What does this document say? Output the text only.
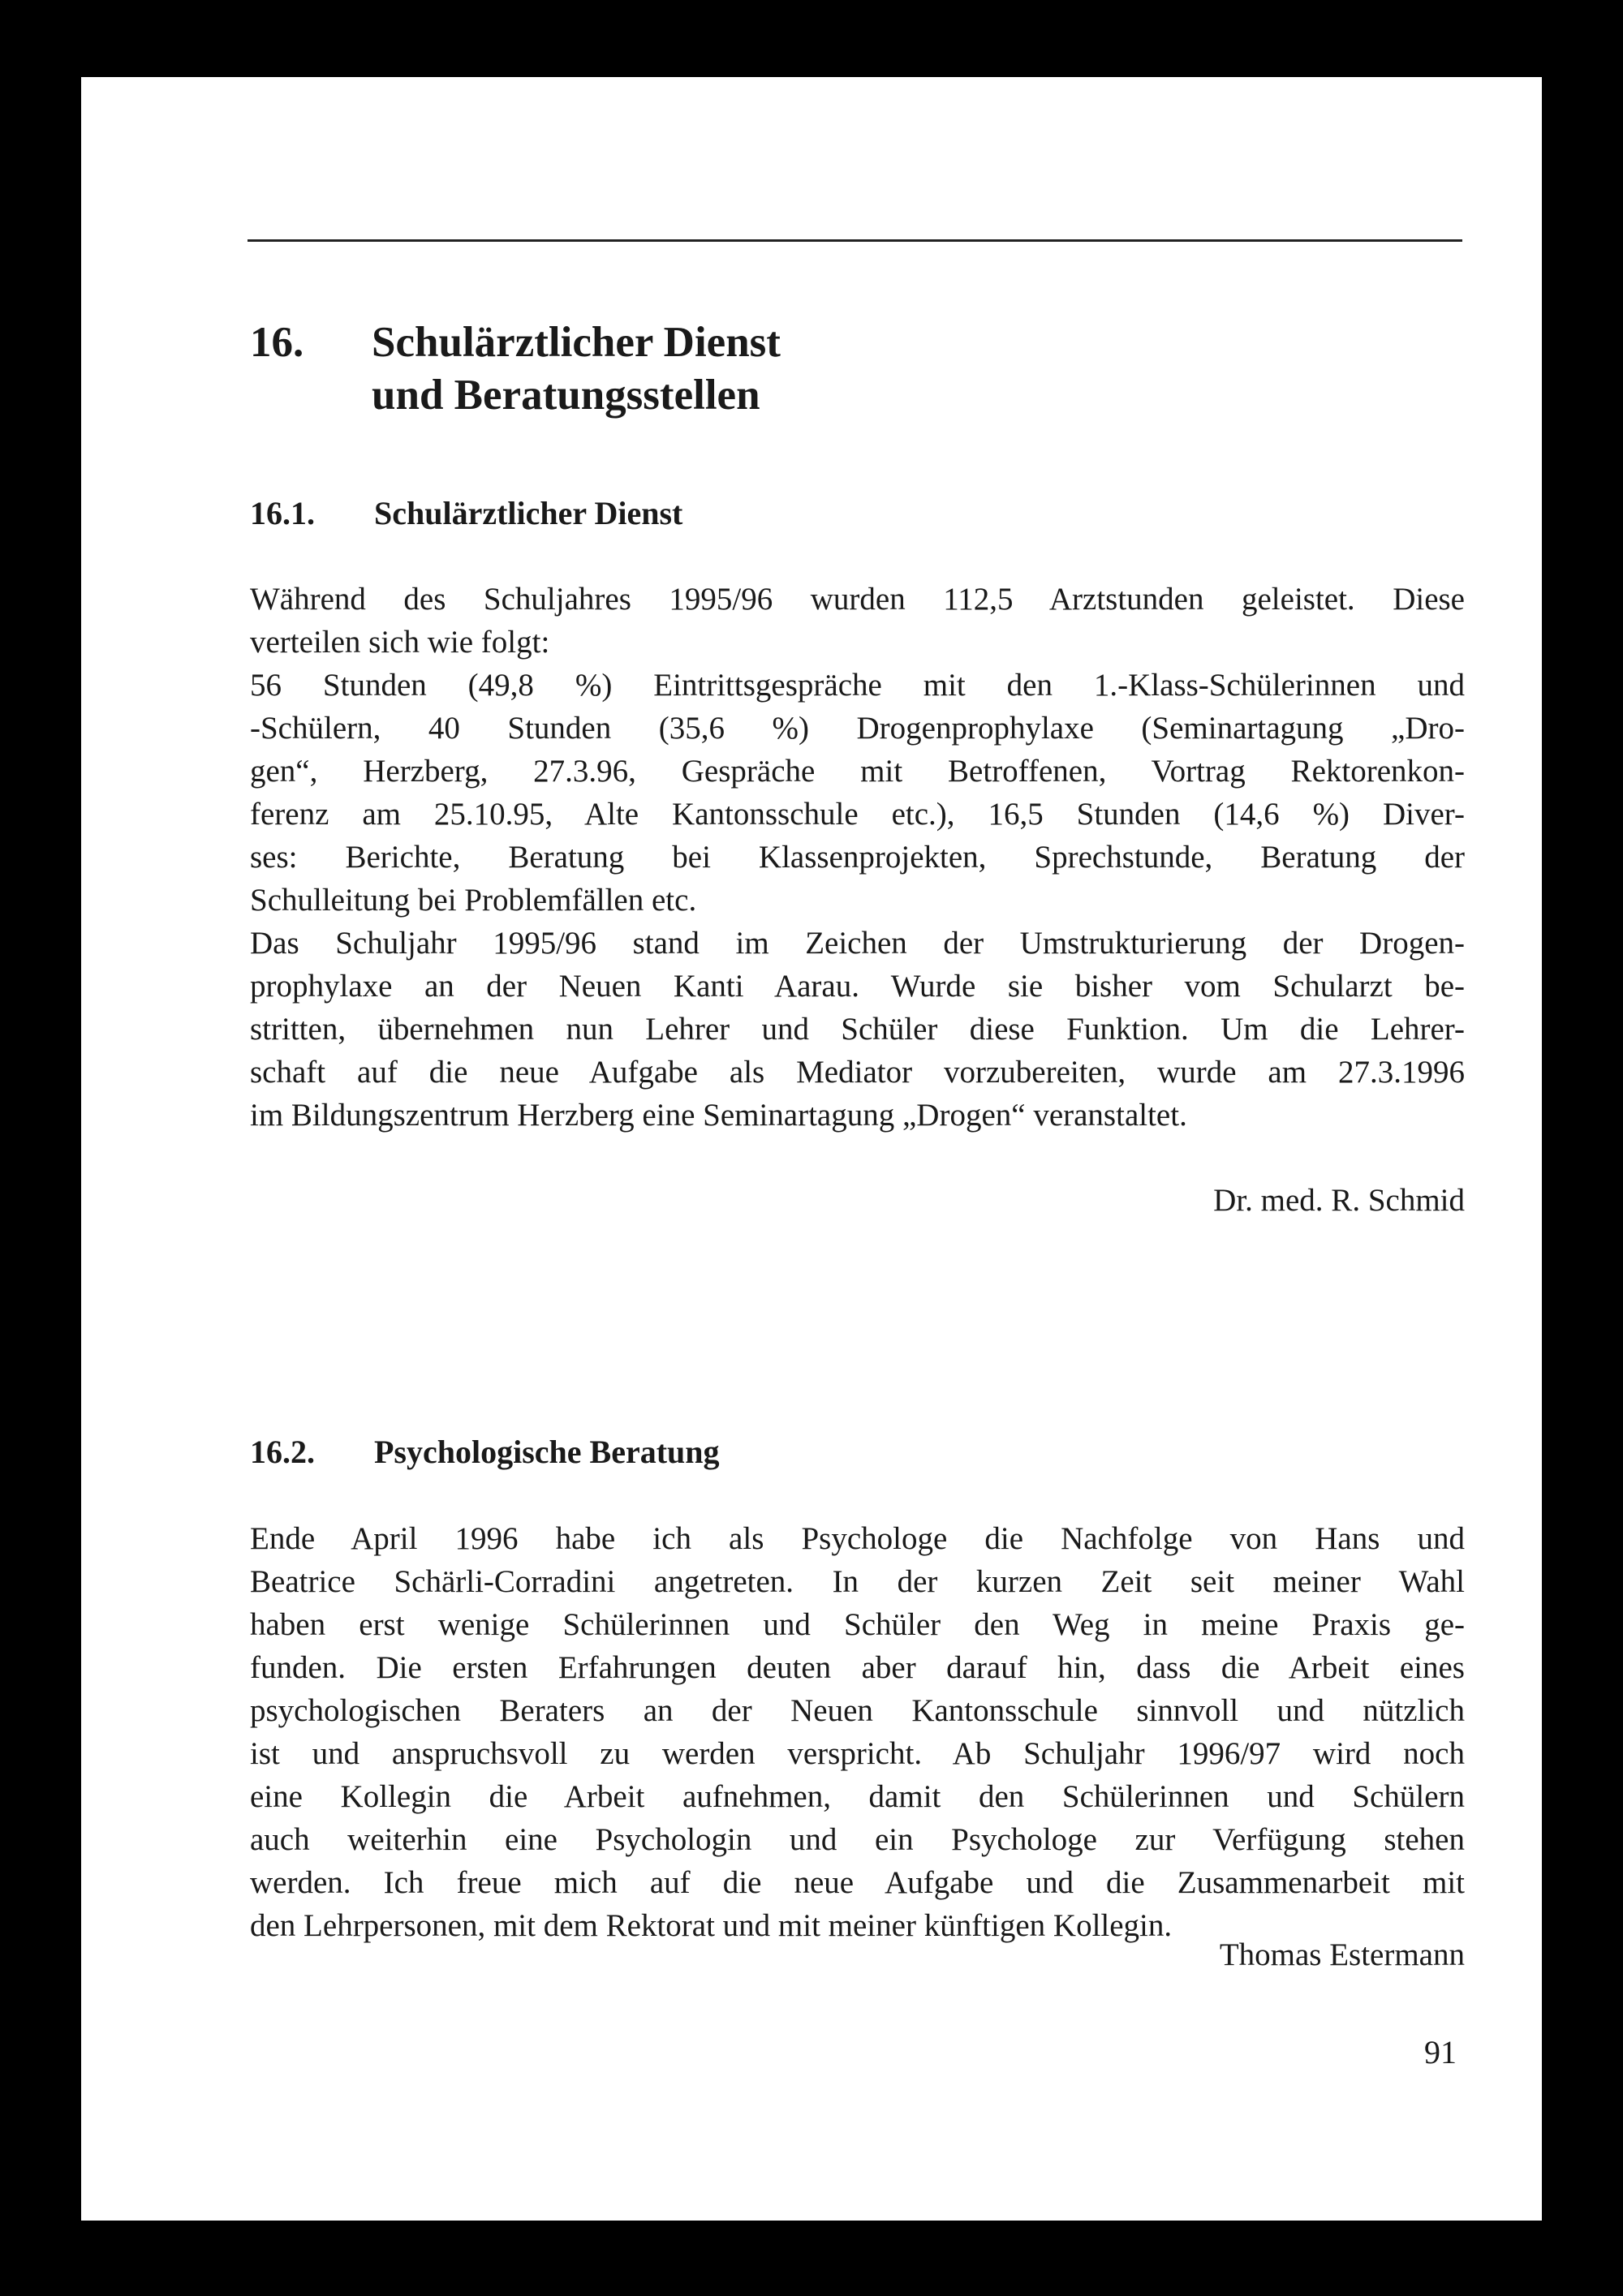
16. Schulärztlicher Dienst
und Beratungsstellen
16.1. Schulärztlicher Dienst
Während des Schuljahres 1995/96 wurden 112,5 Arztstunden geleistet. Diese
verteilen sich wie folgt:
56 Stunden (49,8 %) Eintrittsgespräche mit den 1.-Klass-Schülerinnen und
-Schülern, 40 Stunden (35,6 %) Drogenprophylaxe (Seminartagung „Dro-
gen“, Herzberg, 27.3.96, Gespräche mit Betroffenen, Vortrag Rektorenkon-
ferenz am 25.10.95, Alte Kantonsschule etc.), 16,5 Stunden (14,6 %) Diver-
ses: Berichte, Beratung bei Klassenprojekten, Sprechstunde, Beratung der
Schulleitung bei Problemfällen etc.
Das Schuljahr 1995/96 stand im Zeichen der Umstrukturierung der Drogen-
prophylaxe an der Neuen Kanti Aarau. Wurde sie bisher vom Schularzt be-
stritten, übernehmen nun Lehrer und Schüler diese Funktion. Um die Lehrer-
schaft auf die neue Aufgabe als Mediator vorzubereiten, wurde am 27.3.1996
im Bildungszentrum Herzberg eine Seminartagung „Drogen“ veranstaltet.
Dr. med. R. Schmid
16.2. Psychologische Beratung
Ende April 1996 habe ich als Psychologe die Nachfolge von Hans und
Beatrice Schärli-Corradini angetreten. In der kurzen Zeit seit meiner Wahl
haben erst wenige Schülerinnen und Schüler den Weg in meine Praxis ge-
funden. Die ersten Erfahrungen deuten aber darauf hin, dass die Arbeit eines
psychologischen Beraters an der Neuen Kantonsschule sinnvoll und nützlich
ist und anspruchsvoll zu werden verspricht. Ab Schuljahr 1996/97 wird noch
eine Kollegin die Arbeit aufnehmen, damit den Schülerinnen und Schülern
auch weiterhin eine Psychologin und ein Psychologe zur Verfügung stehen
werden. Ich freue mich auf die neue Aufgabe und die Zusammenarbeit mit
den Lehrpersonen, mit dem Rektorat und mit meiner künftigen Kollegin.
Thomas Estermann
91
